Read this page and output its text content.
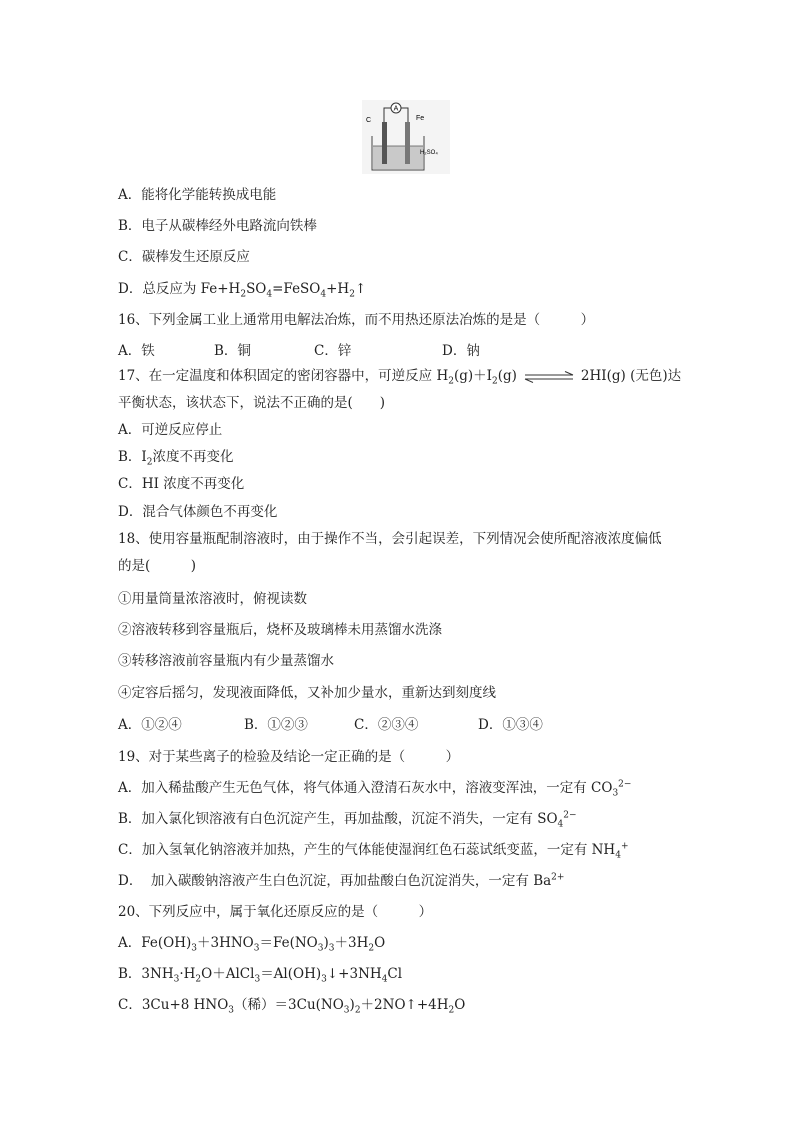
A
C	Fe
H₂SO₄
A．能将化学能转换成电能
B．电子从碳棒经外电路流向铁棒
C．碳棒发生还原反应
D．总反应为 $Fe+H_2SO_4=FeSO_4+H_2↑$
16、下列金属工业上通常用电解法冶炼，而不用热还原法冶炼的是是（　　　）
A．铁	B．铜	C．锌	D．钠
17、在一定温度和体积固定的密闭容器中，可逆反应 $H_2(g)+I_2(g)$ ⇌ 2HI(g) (无色)达
平衡状态，该状态下，说法不正确的是(　　)
A．可逆反应停止
B．$I_2$浓度不再变化
C．HI 浓度不再变化
D．混合气体颜色不再变化
18、使用容量瓶配制溶液时，由于操作不当，会引起误差，下列情况会使所配溶液浓度偏低
的是(　　　)
①用量筒量浓溶液时，俯视读数
②溶液转移到容量瓶后，烧杯及玻璃棒未用蒸馏水洗涤
③转移溶液前容量瓶内有少量蒸馏水
④定容后摇匀，发现液面降低，又补加少量水，重新达到刻度线
A．①②④	B．①②③	C．②③④	D．①③④
19、对于某些离子的检验及结论一定正确的是（　　　）
A．加入稀盐酸产生无色气体，将气体通入澄清石灰水中，溶液变浑浊，一定有 $CO_3^{2-}$
B．加入氯化钡溶液有白色沉淀产生，再加盐酸，沉淀不消失，一定有 $SO_4^{2-}$
C．加入氢氧化钠溶液并加热，产生的气体能使湿润红色石蕊试纸变蓝，一定有 $NH_4^+$
D．  加入碳酸钠溶液产生白色沉淀，再加盐酸白色沉淀消失，一定有 $Ba^{2+}$
20、下列反应中，属于氧化还原反应的是（　　　）
A．$Fe(OH)_3+3HNO_3=Fe(NO_3)_3+3H_2O$
B．$3NH_3\cdot H_2O+AlCl_3=Al(OH)_3↓+3NH_4Cl$
C．3Cu+8 $HNO_3$（稀）$=3Cu(NO_3)_2+2NO↑+4H_2O$
